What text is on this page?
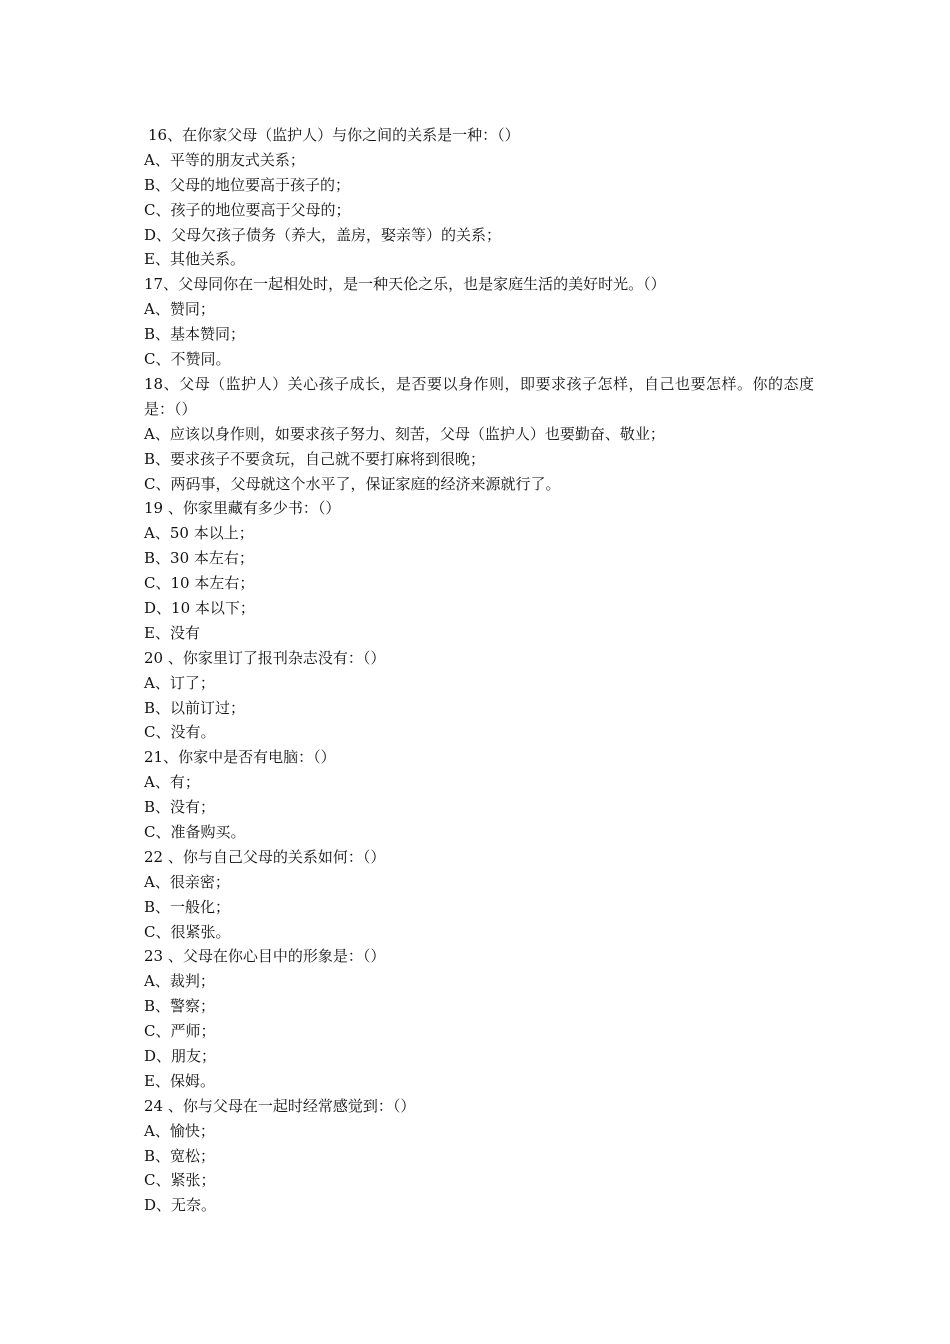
16、在你家父母（监护人）与你之间的关系是一种：（）
A、平等的朋友式关系；
B、父母的地位要高于孩子的；
C、孩子的地位要高于父母的；
D、父母欠孩子债务（养大，盖房，娶亲等）的关系；
E、其他关系。
17、父母同你在一起相处时，是一种天伦之乐，也是家庭生活的美好时光。（）
A、赞同；
B、基本赞同；
C、不赞同。
18、父母（监护人）关心孩子成长，是否要以身作则，即要求孩子怎样，自己也要怎样。你的态度是：（）
A、应该以身作则，如要求孩子努力、刻苦，父母（监护人）也要勤奋、敬业；
B、要求孩子不要贪玩，自己就不要打麻将到很晚；
C、两码事，父母就这个水平了，保证家庭的经济来源就行了。
19 、你家里藏有多少书：（）
A、50 本以上；
B、30 本左右；
C、10 本左右；
D、10 本以下；
E、没有
20 、你家里订了报刊杂志没有：（）
A、订了；
B、以前订过；
C、没有。
21、你家中是否有电脑：（）
A、有；
B、没有；
C、准备购买。
22 、你与自己父母的关系如何：（）
A、很亲密；
B、一般化；
C、很紧张。
23 、父母在你心目中的形象是：（）
A、裁判；
B、警察；
C、严师；
D、朋友；
E、保姆。
24 、你与父母在一起时经常感觉到：（）
A、愉快；
B、宽松；
C、紧张；
D、无奈。
